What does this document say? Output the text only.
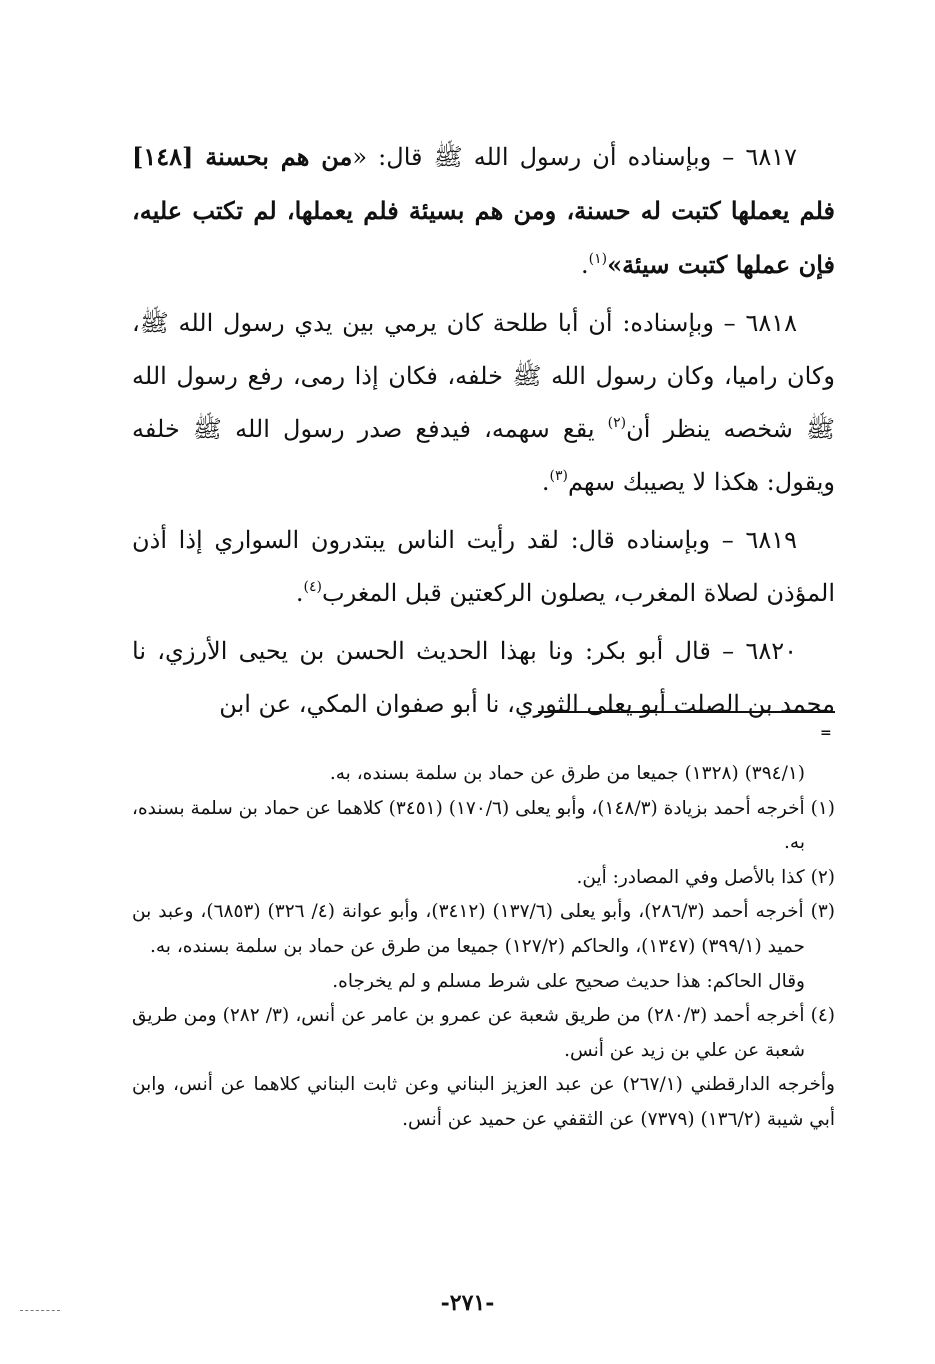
٦٨١٧ – وبإسناده أن رسول الله ﷺ قال: «من هم بحسنة [١٤٨] فلم يعملها كتبت له حسنة، ومن هم بسيئة فلم يعملها، لم تكتب عليه، فإن عملها كتبت سيئة»$^{(١)}$.

٦٨١٨ – وبإسناده: أن أبا طلحة كان يرمي بين يدي رسول الله ﷺ، وكان راميا، وكان رسول الله ﷺ خلفه، فكان إذا رمى، رفع رسول الله ﷺ شخصه ينظر أن$^{(٢)}$ يقع سهمه، فيدفع صدر رسول الله ﷺ خلفه ويقول: هكذا لا يصيبك سهم$^{(٣)}$.

٦٨١٩ – وبإسناده قال: لقد رأيت الناس يبتدرون السواري إذا أذن المؤذن لصلاة المغرب، يصلون الركعتين قبل المغرب$^{(٤)}$.

٦٨٢٠ – قال أبو بكر: ونا بهذا الحديث الحسن بن يحيى الأرزي، نا محمد بن الصلت أبو يعلى الثوري، نا أبو صفوان المكي، عن ابن

=

(٣٩٤/١) (١٣٢٨) جميعا من طرق عن حماد بن سلمة بسنده، به.

(١) أخرجه أحمد بزيادة (١٤٨/٣)، وأبو يعلى (١٧٠/٦) (٣٤٥١) كلاهما عن حماد بن سلمة بسنده، به.

(٢) كذا بالأصل وفي المصادر: أين.

(٣) أخرجه أحمد (٢٨٦/٣)، وأبو يعلى (١٣٧/٦) (٣٤١٢)، وأبو عوانة (٤/ ٣٢٦) (٦٨٥٣)، وعبد بن حميد (٣٩٩/١) (١٣٤٧)، والحاكم (١٢٧/٢) جميعا من طرق عن حماد بن سلمة بسنده، به.

وقال الحاكم: هذا حديث صحيح على شرط مسلم و لم يخرجاه.

(٤) أخرجه أحمد (٢٨٠/٣) من طريق شعبة عن عمرو بن عامر عن أنس، (٣/ ٢٨٢) ومن طريق شعبة عن علي بن زيد عن أنس.

وأخرجه الدارقطني (٢٦٧/١) عن عبد العزيز البناني وعن ثابت البناني كلاهما عن أنس، وابن أبي شيبة (١٣٦/٢) (٧٣٧٩) عن الثقفي عن حميد عن أنس.

-٢٧١-
